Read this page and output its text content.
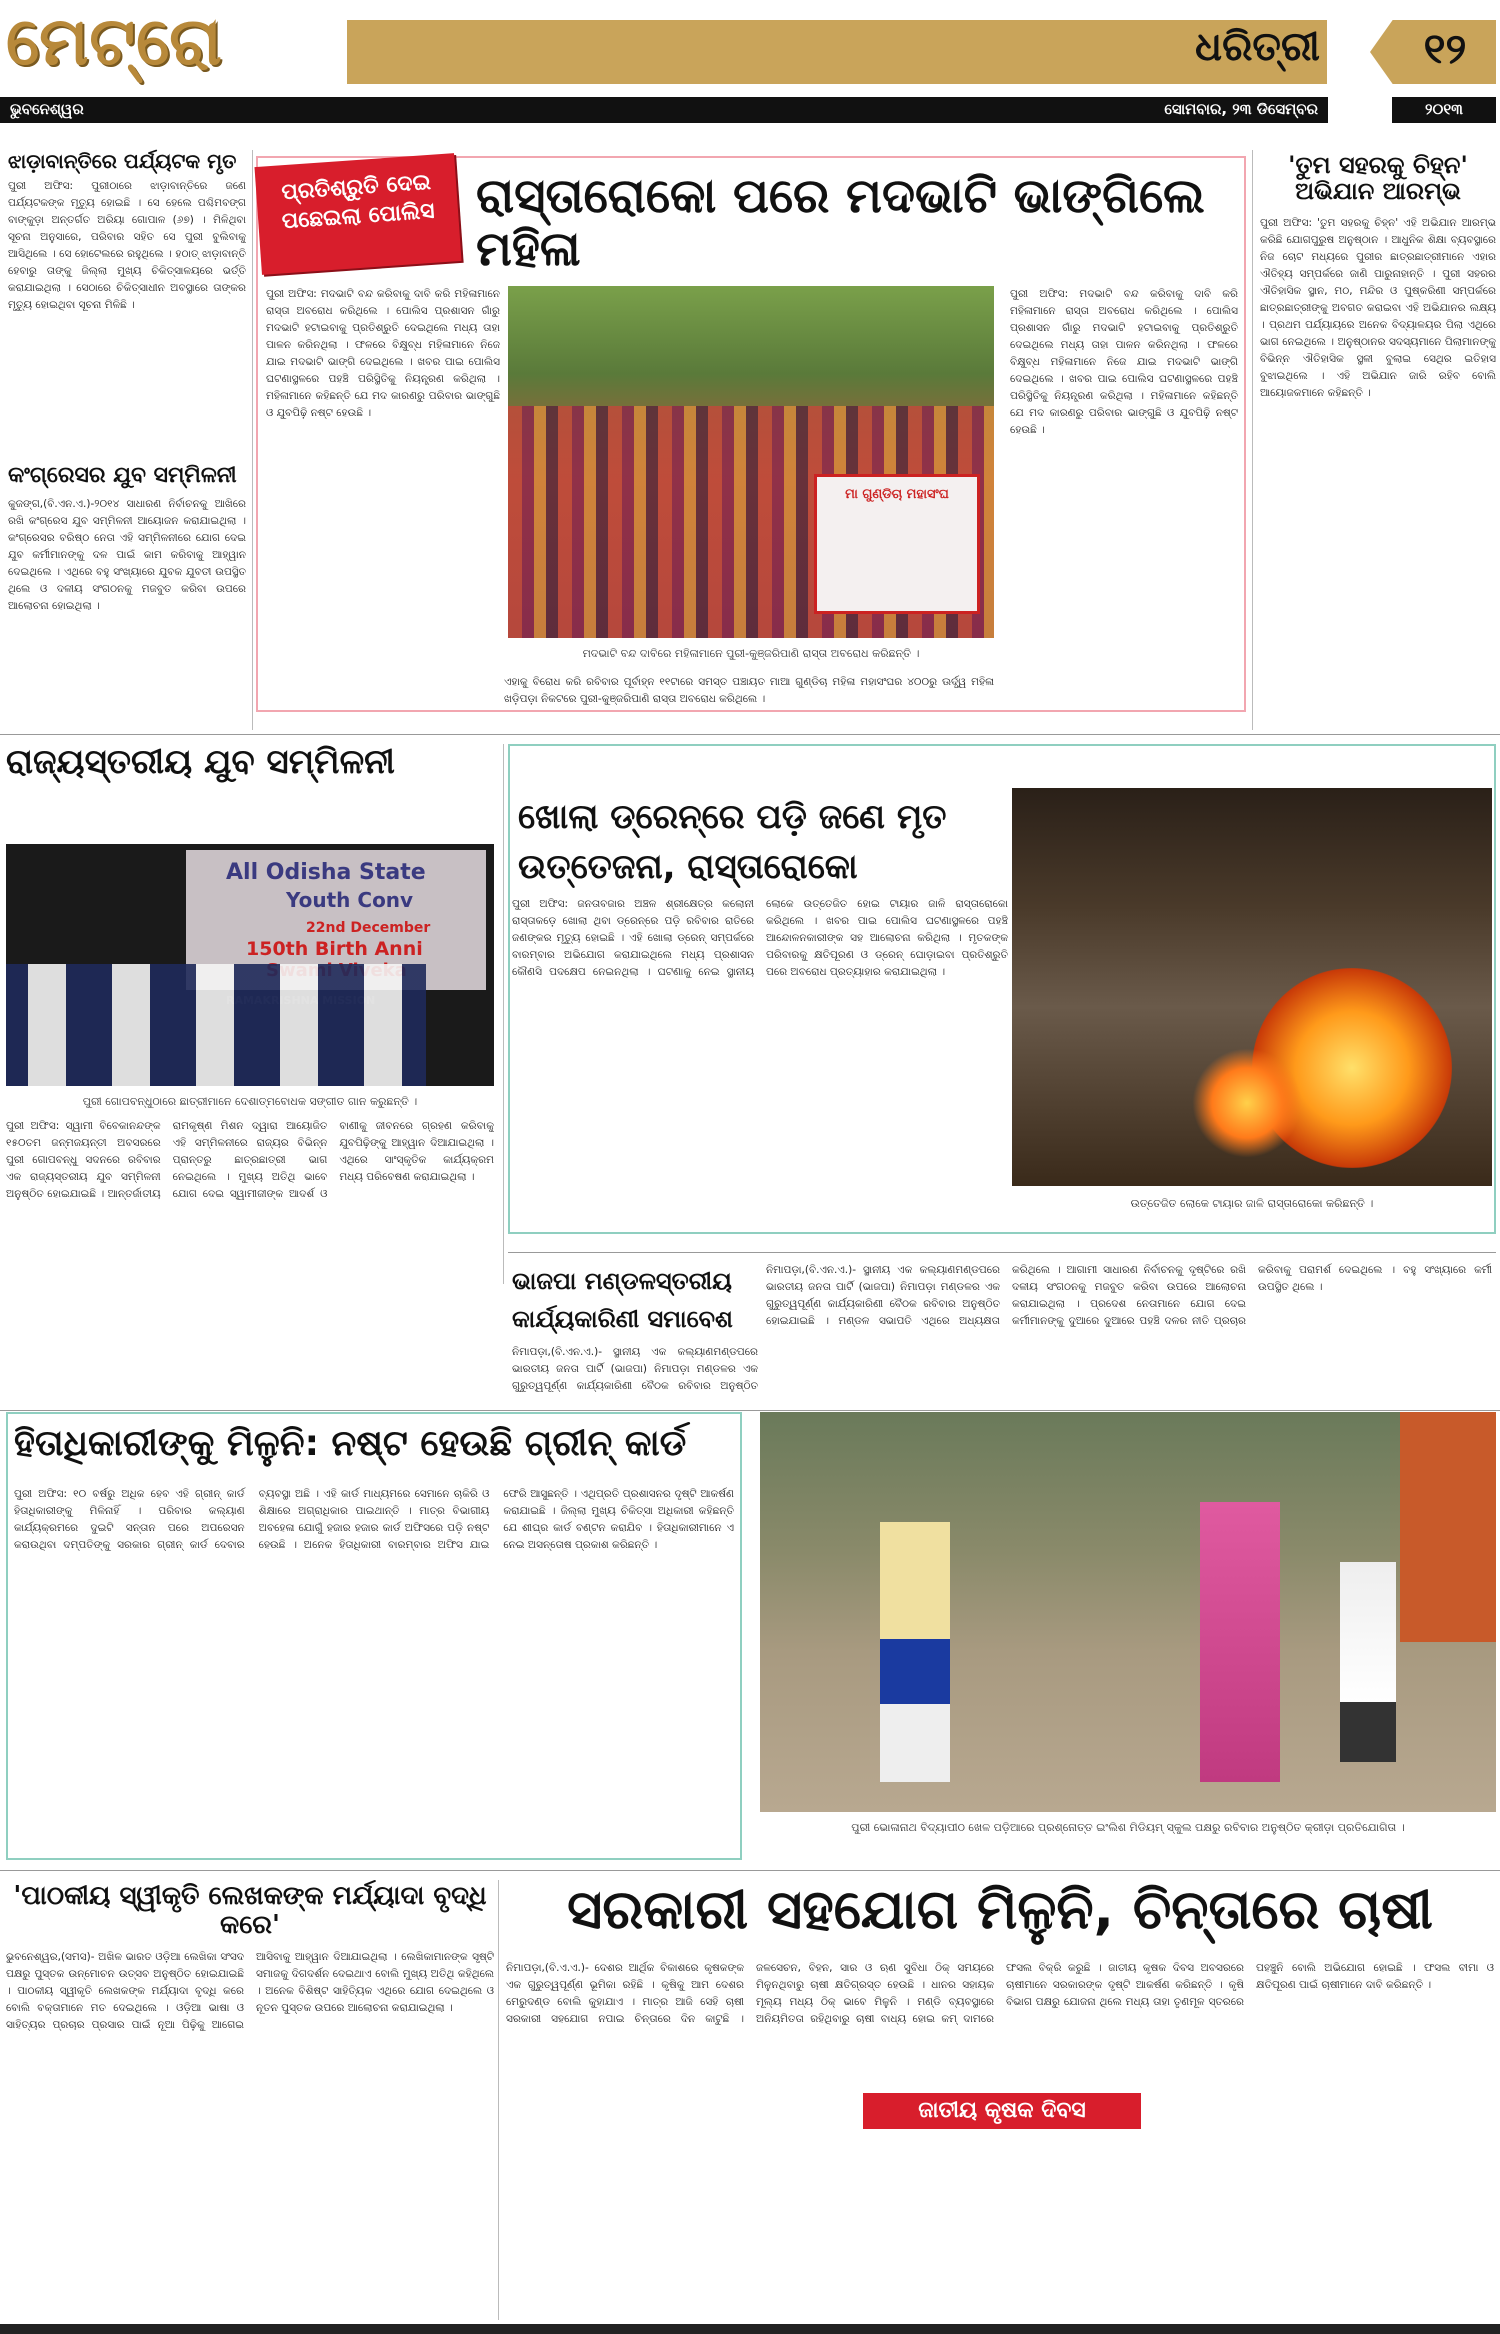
ମେଟ୍ରୋ	ଧରିତ୍ରୀ	୧୨
ଭୁବନେଶ୍ୱର	ସୋମବାର, ୨୩ ଡିସେମ୍ବର	୨୦୧୩
ଝାଡ଼ାବାନ୍ତିରେ ପର୍ଯ୍ୟଟକ ମୃତ
ପୁରୀ ଅଫିସ: ପୁରୀଠାରେ ଝାଡ଼ାବାନ୍ତିରେ ଜଣେ ପର୍ଯ୍ୟଟକଙ୍କ ମୃତ୍ୟୁ ହୋଇଛି । ସେ ହେଲେ ପଶ୍ଚିମବଙ୍ଗ ବାଙ୍କୁଡ଼ା ଅନ୍ତର୍ଗତ ଅରିୟା ଗୋପାଳ (୬୭) । ମିଳିଥିବା ସୂଚନା ଅନୁସାରେ, ପରିବାର ସହିତ ସେ ପୁରୀ ବୁଲିବାକୁ ଆସିଥିଲେ । ସେ ହୋଟେଲରେ ରହୁଥିଲେ । ହଠାତ୍ ଝାଡ଼ାବାନ୍ତି ହେବାରୁ ତାଙ୍କୁ ଜିଲ୍ଲା ମୁଖ୍ୟ ଚିକିତ୍ସାଳୟରେ ଭର୍ତ୍ତି କରାଯାଇଥିଲା । ସେଠାରେ ଚିକିତ୍ସାଧୀନ ଅବସ୍ଥାରେ ତାଙ୍କର ମୃତ୍ୟୁ ହୋଇଥିବା ସୂଚନା ମିଳିଛି ।
କଂଗ୍ରେସର ଯୁବ ସମ୍ମିଳନୀ
କୁଜଙ୍ଗ,(ବି.ଏନ.ଏ.)-୨୦୧୪ ସାଧାରଣ ନିର୍ବାଚନକୁ ଆଖିରେ ରଖି କଂଗ୍ରେସ ଯୁବ ସମ୍ମିଳନୀ ଆୟୋଜନ କରାଯାଇଥିଲା । କଂଗ୍ରେସର ବରିଷ୍ଠ ନେତା ଏହି ସମ୍ମିଳନୀରେ ଯୋଗ ଦେଇ ଯୁବ କର୍ମୀମାନଙ୍କୁ ଦଳ ପାଇଁ କାମ କରିବାକୁ ଆହ୍ୱାନ ଦେଇଥିଲେ । ଏଥିରେ ବହୁ ସଂଖ୍ୟାରେ ଯୁବକ ଯୁବତୀ ଉପସ୍ଥିତ ଥିଲେ ଓ ଦଳୀୟ ସଂଗଠନକୁ ମଜବୁତ କରିବା ଉପରେ ଆଲୋଚନା ହୋଇଥିଲା ।
ପ୍ରତିଶ୍ରୁତି ଦେଇ ପଛେଇଲା ପୋଲିସ ରାସ୍ତାରୋକୋ ପରେ ମଦଭାଟି ଭାଙ୍ଗିଲେ ମହିଳା
ପୁରୀ ଅଫିସ: ମଦଭାଟି ବନ୍ଦ କରିବାକୁ ଦାବି କରି ମହିଳାମାନେ ରାସ୍ତା ଅବରୋଧ କରିଥିଲେ । ପୋଲିସ ପ୍ରଶାସନ ଗାଁରୁ ମଦଭାଟି ହଟାଇବାକୁ ପ୍ରତିଶ୍ରୁତି ଦେଇଥିଲେ ମଧ୍ୟ ତାହା ପାଳନ କରିନଥିଲା । ଫଳରେ ବିକ୍ଷୁବ୍ଧ ମହିଳାମାନେ ନିଜେ ଯାଇ ମଦଭାଟି ଭାଙ୍ଗି ଦେଇଥିଲେ । ଖବର ପାଇ ପୋଲିସ ଘଟଣାସ୍ଥଳରେ ପହଞ୍ଚି ପରିସ୍ଥିତିକୁ ନିୟନ୍ତ୍ରଣ କରିଥିଲା । ମହିଳାମାନେ କହିଛନ୍ତି ଯେ ମଦ କାରଣରୁ ପରିବାର ଭାଙ୍ଗୁଛି ଓ ଯୁବପିଢ଼ି ନଷ୍ଟ ହେଉଛି ।
ମା ଗୁଣ୍ଡିଚା ମହାସଂଘ
ମଦଭାଟି ବନ୍ଦ ଦାବିରେ ମହିଳାମାନେ ପୁରୀ-କୁଞ୍ଜରିପାଣି ରାସ୍ତା ଅବରୋଧ କରିଛନ୍ତି ।
ପୁରୀ ଅଫିସ: ମଦଭାଟି ବନ୍ଦ କରିବାକୁ ଦାବି କରି ମହିଳାମାନେ ରାସ୍ତା ଅବରୋଧ କରିଥିଲେ । ପୋଲିସ ପ୍ରଶାସନ ଗାଁରୁ ମଦଭାଟି ହଟାଇବାକୁ ପ୍ରତିଶ୍ରୁତି ଦେଇଥିଲେ ମଧ୍ୟ ତାହା ପାଳନ କରିନଥିଲା । ଫଳରେ ବିକ୍ଷୁବ୍ଧ ମହିଳାମାନେ ନିଜେ ଯାଇ ମଦଭାଟି ଭାଙ୍ଗି ଦେଇଥିଲେ । ଖବର ପାଇ ପୋଲିସ ଘଟଣାସ୍ଥଳରେ ପହଞ୍ଚି ପରିସ୍ଥିତିକୁ ନିୟନ୍ତ୍ରଣ କରିଥିଲା । ମହିଳାମାନେ କହିଛନ୍ତି ଯେ ମଦ କାରଣରୁ ପରିବାର ଭାଙ୍ଗୁଛି ଓ ଯୁବପିଢ଼ି ନଷ୍ଟ ହେଉଛି ।
ଏହାକୁ ବିରୋଧ କରି ରବିବାର ପୂର୍ବାହ୍ନ ୧୧ଟାରେ ସମସ୍ତ ପଞ୍ଚାୟତ ମାଆ ଗୁଣ୍ଡିଚା ମହିଳା ମହାସଂଘର ୪୦୦ରୁ ଊର୍ଦ୍ଧ୍ୱ ମହିଳା ଖଡ଼ିପଡ଼ା ନିକଟରେ ପୁରୀ-କୁଞ୍ଜରିପାଣି ରାସ୍ତା ଅବରୋଧ କରିଥିଲେ ।
'ତୁମ ସହରକୁ ଚିହ୍ନ' ଅଭିଯାନ ଆରମ୍ଭ
ପୁରୀ ଅଫିସ: 'ତୁମ ସହରକୁ ଚିହ୍ନ' ଏହି ଅଭିଯାନ ଆରମ୍ଭ କରିଛି ଯୋଗପୁରୁଷ ଅନୁଷ୍ଠାନ । ଆଧୁନିକ ଶିକ୍ଷା ବ୍ୟବସ୍ଥାରେ ନିଜ ଚୋଟ ମଧ୍ୟରେ ପୁରୀର ଛାତ୍ରଛାତ୍ରୀମାନେ ଏହାର ଐତିହ୍ୟ ସମ୍ପର୍କରେ ଜାଣି ପାରୁନାହାନ୍ତି । ପୁରୀ ସହରର ଐତିହାସିକ ସ୍ଥାନ, ମଠ, ମନ୍ଦିର ଓ ପୁଷ୍କରିଣୀ ସମ୍ପର୍କରେ ଛାତ୍ରଛାତ୍ରୀଙ୍କୁ ଅବଗତ କରାଇବା ଏହି ଅଭିଯାନର ଲକ୍ଷ୍ୟ । ପ୍ରଥମ ପର୍ଯ୍ୟାୟରେ ଅନେକ ବିଦ୍ୟାଳୟର ପିଲା ଏଥିରେ ଭାଗ ନେଇଥିଲେ । ଅନୁଷ୍ଠାନର ସଦସ୍ୟମାନେ ପିଲାମାନଙ୍କୁ ବିଭିନ୍ନ ଐତିହାସିକ ସ୍ଥଳୀ ବୁଲାଇ ସେଥିର ଇତିହାସ ବୁଝାଇଥିଲେ । ଏହି ଅଭିଯାନ ଜାରି ରହିବ ବୋଲି ଆୟୋଜକମାନେ କହିଛନ୍ତି ।
ରାଜ୍ୟସ୍ତରୀୟ ଯୁବ ସମ୍ମିଳନୀ
All Odisha State
Youth Conv
22nd December
150th Birth Anni
ପୁରୀ ଗୋପବନ୍ଧୁଠାରେ ଛାତ୍ରୀମାନେ ଦେଶାତ୍ମବୋଧକ ସଙ୍ଗୀତ ଗାନ କରୁଛନ୍ତି ।
ପୁରୀ ଅଫିସ: ସ୍ୱାମୀ ବିବେକାନନ୍ଦଙ୍କ ୧୫୦ତମ ଜନ୍ମଜୟନ୍ତୀ ଅବସରରେ ପୁରୀ ଗୋପବନ୍ଧୁ ସଦନରେ ରବିବାର ଏକ ରାଜ୍ୟସ୍ତରୀୟ ଯୁବ ସମ୍ମିଳନୀ ଅନୁଷ୍ଠିତ ହୋଇଯାଇଛି । ଆନ୍ତର୍ଜାତୀୟ ରାମକୃଷ୍ଣ ମିଶନ ଦ୍ୱାରା ଆୟୋଜିତ ଏହି ସମ୍ମିଳନୀରେ ରାଜ୍ୟର ବିଭିନ୍ନ ପ୍ରାନ୍ତରୁ ଛାତ୍ରଛାତ୍ରୀ ଭାଗ ନେଇଥିଲେ । ମୁଖ୍ୟ ଅତିଥି ଭାବେ ଯୋଗ ଦେଇ ସ୍ୱାମୀଜୀଙ୍କ ଆଦର୍ଶ ଓ ବାଣୀକୁ ଜୀବନରେ ଗ୍ରହଣ କରିବାକୁ ଯୁବପିଢ଼ିଙ୍କୁ ଆହ୍ୱାନ ଦିଆଯାଇଥିଲା । ଏଥିରେ ସାଂସ୍କୃତିକ କାର୍ଯ୍ୟକ୍ରମ ମଧ୍ୟ ପରିବେଷଣ କରାଯାଇଥିଲା ।
ଖୋଲା ଡ୍ରେନ୍‌ରେ ପଡ଼ି ଜଣେ ମୃତ ଉତ୍ତେଜନା, ରାସ୍ତାରୋକୋ
ପୁରୀ ଅଫିସ: ଜନତାବଜାର ଅଞ୍ଚଳ ଶ୍ରୀକ୍ଷେତ୍ର କଲୋନୀ ରାସ୍ତାକଡ଼େ ଖୋଲା ଥିବା ଡ୍ରେନ୍‌ରେ ପଡ଼ି ରବିବାର ରାତିରେ ଜଣଙ୍କର ମୃତ୍ୟୁ ହୋଇଛି । ଏହି ଖୋଲା ଡ୍ରେନ୍ ସମ୍ପର୍କରେ ବାରମ୍ବାର ଅଭିଯୋଗ କରାଯାଇଥିଲେ ମଧ୍ୟ ପ୍ରଶାସନ କୌଣସି ପଦକ୍ଷେପ ନେଇନଥିଲା । ଘଟଣାକୁ ନେଇ ସ୍ଥାନୀୟ ଲୋକେ ଉତ୍ତେଜିତ ହୋଇ ଟାୟାର ଜାଳି ରାସ୍ତାରୋକୋ କରିଥିଲେ । ଖବର ପାଇ ପୋଲିସ ଘଟଣାସ୍ଥଳରେ ପହଞ୍ଚି ଆନ୍ଦୋଳନକାରୀଙ୍କ ସହ ଆଲୋଚନା କରିଥିଲା । ମୃତକଙ୍କ ପରିବାରକୁ କ୍ଷତିପୂରଣ ଓ ଡ୍ରେନ୍ ଘୋଡ଼ାଇବା ପ୍ରତିଶ୍ରୁତି ପରେ ଅବରୋଧ ପ୍ରତ୍ୟାହାର କରାଯାଇଥିଲା ।
ଉତ୍ତେଜିତ ଲୋକେ ଟାୟାର ଜାଳି ରାସ୍ତାରୋକୋ କରିଛନ୍ତି ।
ଭାଜପା ମଣ୍ଡଳସ୍ତରୀୟ କାର୍ଯ୍ୟକାରିଣୀ ସମାବେଶ
ନିମାପଡ଼ା,(ବି.ଏନ.ଏ.)- ସ୍ଥାନୀୟ ଏକ କଲ୍ୟାଣମଣ୍ଡପରେ ଭାରତୀୟ ଜନତା ପାର୍ଟି (ଭାଜପା) ନିମାପଡ଼ା ମଣ୍ଡଳର ଏକ ଗୁରୁତ୍ୱପୂର୍ଣ୍ଣ କାର୍ଯ୍ୟକାରିଣୀ ବୈଠକ ରବିବାର ଅନୁଷ୍ଠିତ
ନିମାପଡ଼ା,(ବି.ଏନ.ଏ.)- ସ୍ଥାନୀୟ ଏକ କଲ୍ୟାଣମଣ୍ଡପରେ ଭାରତୀୟ ଜନତା ପାର୍ଟି (ଭାଜପା) ନିମାପଡ଼ା ମଣ୍ଡଳର ଏକ ଗୁରୁତ୍ୱପୂର୍ଣ୍ଣ କାର୍ଯ୍ୟକାରିଣୀ ବୈଠକ ରବିବାର ଅନୁଷ୍ଠିତ ହୋଇଯାଇଛି । ମଣ୍ଡଳ ସଭାପତି ଏଥିରେ ଅଧ୍ୟକ୍ଷତା କରିଥିଲେ । ଆଗାମୀ ସାଧାରଣ ନିର୍ବାଚନକୁ ଦୃଷ୍ଟିରେ ରଖି ଦଳୀୟ ସଂଗଠନକୁ ମଜବୁତ କରିବା ଉପରେ ଆଲୋଚନା କରାଯାଇଥିଲା । ପ୍ରଦେଶ ନେତାମାନେ ଯୋଗ ଦେଇ କର୍ମୀମାନଙ୍କୁ ଦୁଆରେ ଦୁଆରେ ପହଞ୍ଚି ଦଳର ନୀତି ପ୍ରଚାର କରିବାକୁ ପରାମର୍ଶ ଦେଇଥିଲେ । ବହୁ ସଂଖ୍ୟାରେ କର୍ମୀ ଉପସ୍ଥିତ ଥିଲେ ।
ହିତାଧିକାରୀଙ୍କୁ ମିଳୁନି: ନଷ୍ଟ ହେଉଛି ଗ୍ରୀନ୍ କାର୍ଡ
ପୁରୀ ଅଫିସ: ୧୦ ବର୍ଷରୁ ଅଧିକ ହେବ ଏହି ଗ୍ରୀନ୍ କାର୍ଡ ହିତାଧିକାରୀଙ୍କୁ ମିଳିନାହିଁ । ପରିବାର କଲ୍ୟାଣ କାର୍ଯ୍ୟକ୍ରମରେ ଦୁଇଟି ସନ୍ତାନ ପରେ ଅପରେସନ କରାଉଥିବା ଦମ୍ପତିଙ୍କୁ ସରକାର ଗ୍ରୀନ୍ କାର୍ଡ ଦେବାର ବ୍ୟବସ୍ଥା ଅଛି । ଏହି କାର୍ଡ ମାଧ୍ୟମରେ ସେମାନେ ଚାକିରି ଓ ଶିକ୍ଷାରେ ଅଗ୍ରାଧିକାର ପାଇଥାନ୍ତି । ମାତ୍ର ବିଭାଗୀୟ ଅବହେଳା ଯୋଗୁଁ ହଜାର ହଜାର କାର୍ଡ ଅଫିସରେ ପଡ଼ି ନଷ୍ଟ ହେଉଛି । ଅନେକ ହିତାଧିକାରୀ ବାରମ୍ବାର ଅଫିସ ଯାଇ ଫେରି ଆସୁଛନ୍ତି । ଏଥିପ୍ରତି ପ୍ରଶାସନର ଦୃଷ୍ଟି ଆକର୍ଷଣ କରାଯାଇଛି । ଜିଲ୍ଲା ମୁଖ୍ୟ ଚିକିତ୍ସା ଅଧିକାରୀ କହିଛନ୍ତି ଯେ ଶୀଘ୍ର କାର୍ଡ ବଣ୍ଟନ କରାଯିବ । ହିତାଧିକାରୀମାନେ ଏ ନେଇ ଅସନ୍ତୋଷ ପ୍ରକାଶ କରିଛନ୍ତି ।
ପୁରୀ ଭୋଳାନାଥ ବିଦ୍ୟାପୀଠ ଖେଳ ପଡ଼ିଆରେ ପ୍ରଶ୍ନୋତ୍ତ ଇଂଲିଶ ମିଡିୟମ୍ ସ୍କୁଲ ପକ୍ଷରୁ ରବିବାର ଅନୁଷ୍ଠିତ କ୍ରୀଡ଼ା ପ୍ରତିଯୋଗିତା ।
'ପାଠକୀୟ ସ୍ୱୀକୃତି ଲେଖକଙ୍କ ମର୍ଯ୍ୟାଦା ବୃଦ୍ଧି କରେ'
ଭୁବନେଶ୍ୱର,(ସମସ)- ଅଖିଳ ଭାରତ ଓଡ଼ିଆ ଲେଖିକା ସଂସଦ ପକ୍ଷରୁ ପୁସ୍ତକ ଉନ୍ମୋଚନ ଉତ୍ସବ ଅନୁଷ୍ଠିତ ହୋଇଯାଇଛି । ପାଠକୀୟ ସ୍ୱୀକୃତି ଲେଖକଙ୍କ ମର୍ଯ୍ୟାଦା ବୃଦ୍ଧି କରେ ବୋଲି ବକ୍ତାମାନେ ମତ ଦେଇଥିଲେ । ଓଡ଼ିଆ ଭାଷା ଓ ସାହିତ୍ୟର ପ୍ରଚାର ପ୍ରସାର ପାଇଁ ନୂଆ ପିଢ଼ିକୁ ଆଗେଇ ଆସିବାକୁ ଆହ୍ୱାନ ଦିଆଯାଇଥିଲା । ଲେଖିକାମାନଙ୍କ ସୃଷ୍ଟି ସମାଜକୁ ଦିଗଦର୍ଶନ ଦେଇଥାଏ ବୋଲି ମୁଖ୍ୟ ଅତିଥି କହିଥିଲେ । ଅନେକ ବିଶିଷ୍ଟ ସାହିତ୍ୟିକ ଏଥିରେ ଯୋଗ ଦେଇଥିଲେ ଓ ନୂତନ ପୁସ୍ତକ ଉପରେ ଆଲୋଚନା କରାଯାଇଥିଲା ।
ସରକାରୀ ସହଯୋଗ ମିଳୁନି, ଚିନ୍ତାରେ ଚାଷୀ
ନିମାପଡ଼ା,(ବି.ଏ.ଏ.)- ଦେଶର ଆର୍ଥିକ ବିକାଶରେ କୃଷକଙ୍କ ଏକ ଗୁରୁତ୍ୱପୂର୍ଣ୍ଣ ଭୂମିକା ରହିଛି । କୃଷିକୁ ଆମ ଦେଶର ମେରୁଦଣ୍ଡ ବୋଲି କୁହାଯାଏ । ମାତ୍ର ଆଜି ସେହି ଚାଷୀ ସରକାରୀ ସହଯୋଗ ନପାଇ ଚିନ୍ତାରେ ଦିନ କାଟୁଛି । ଜଳସେଚନ, ବିହନ, ସାର ଓ ଋଣ ସୁବିଧା ଠିକ୍ ସମୟରେ ମିଳୁନଥିବାରୁ ଚାଷୀ କ୍ଷତିଗ୍ରସ୍ତ ହେଉଛି । ଧାନର ସହାୟକ ମୂଲ୍ୟ ମଧ୍ୟ ଠିକ୍ ଭାବେ ମିଳୁନି । ମଣ୍ଡି ବ୍ୟବସ୍ଥାରେ ଅନିୟମିତତା ରହିଥିବାରୁ ଚାଷୀ ବାଧ୍ୟ ହୋଇ କମ୍ ଦାମରେ ଫସଲ ବିକ୍ରି କରୁଛି । ଜାତୀୟ କୃଷକ ଦିବସ ଅବସରରେ ଚାଷୀମାନେ ସରକାରଙ୍କ ଦୃଷ୍ଟି ଆକର୍ଷଣ କରିଛନ୍ତି । କୃଷି ବିଭାଗ ପକ୍ଷରୁ ଯୋଜନା ଥିଲେ ମଧ୍ୟ ତାହା ତୃଣମୂଳ ସ୍ତରରେ ପହଞ୍ଚୁନି ବୋଲି ଅଭିଯୋଗ ହୋଇଛି । ଫସଲ ବୀମା ଓ କ୍ଷତିପୂରଣ ପାଇଁ ଚାଷୀମାନେ ଦାବି କରିଛନ୍ତି ।
ଜାତୀୟ କୃଷକ ଦିବସ
